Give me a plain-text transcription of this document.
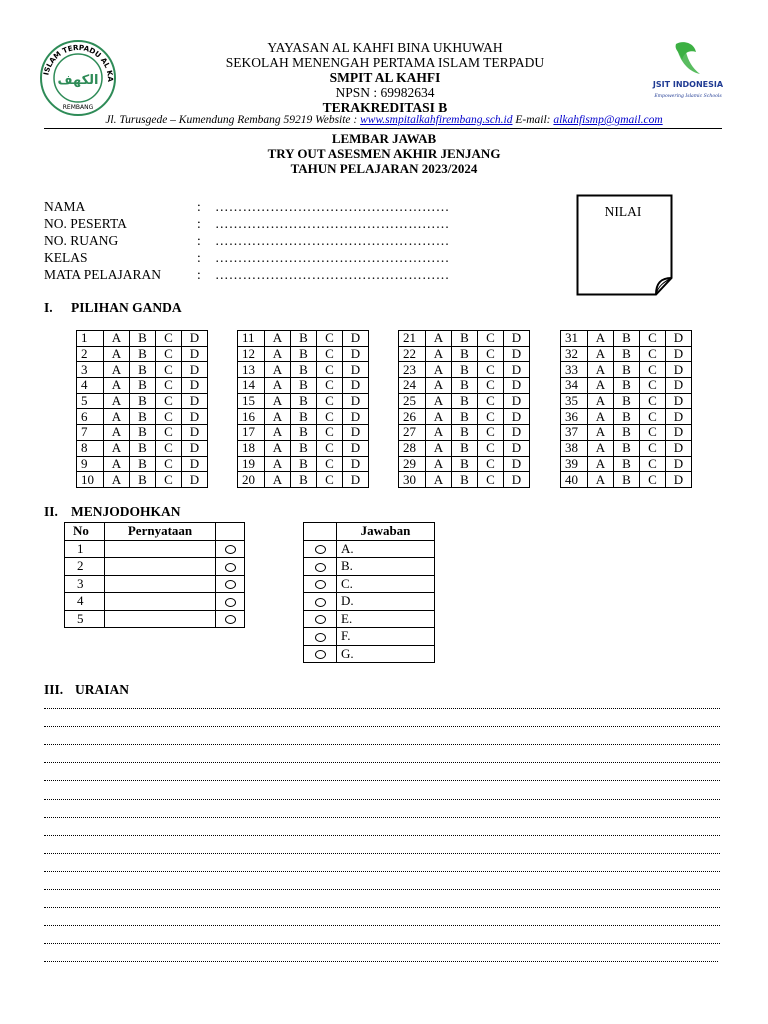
ISLAM TERPADU AL KA
REMBANG
الكهف	JSIT INDONESIA
Empowering Islamic Schools
YAYASAN AL KAHFI BINA UKHUWAH
SEKOLAH MENENGAH PERTAMA ISLAM TERPADU
SMPIT AL KAHFI
NPSN : 69982634
TERAKREDITASI B
Jl. Turusgede – Kumendung Rembang 59219 Website : www.smpitalkahfirembang.sch.id E-mail: alkahfismp@gmail.com
LEMBAR JAWAB
TRY OUT ASESMEN AKHIR JENJANG
TAHUN PELAJARAN 2023/2024
NAMA	: ……………………………………………
NO. PESERTA	: ……………………………………………
NO. RUANG	: ……………………………………………
KELAS	: ……………………………………………
MATA PELAJARAN	: ……………………………………………
NILAI
I. PILIHAN GANDA
1	A	B	C	D
2	A	B	C	D
3	A	B	C	D
4	A	B	C	D
5	A	B	C	D
6	A	B	C	D
7	A	B	C	D
8	A	B	C	D
9	A	B	C	D
10	A	B	C	D
11	A	B	C	D
12	A	B	C	D
13	A	B	C	D
14	A	B	C	D
15	A	B	C	D
16	A	B	C	D
17	A	B	C	D
18	A	B	C	D
19	A	B	C	D
20	A	B	C	D
21	A	B	C	D
22	A	B	C	D
23	A	B	C	D
24	A	B	C	D
25	A	B	C	D
26	A	B	C	D
27	A	B	C	D
28	A	B	C	D
29	A	B	C	D
30	A	B	C	D
31	A	B	C	D
32	A	B	C	D
33	A	B	C	D
34	A	B	C	D
35	A	B	C	D
36	A	B	C	D
37	A	B	C	D
38	A	B	C	D
39	A	B	C	D
40	A	B	C	D
II. MENJODOHKAN
No	Pernyataan	
1		
2		
3		
4		
5		
	Jawaban
	A.
	B.
	C.
	D.
	E.
	F.
	G.
III. URAIAN
